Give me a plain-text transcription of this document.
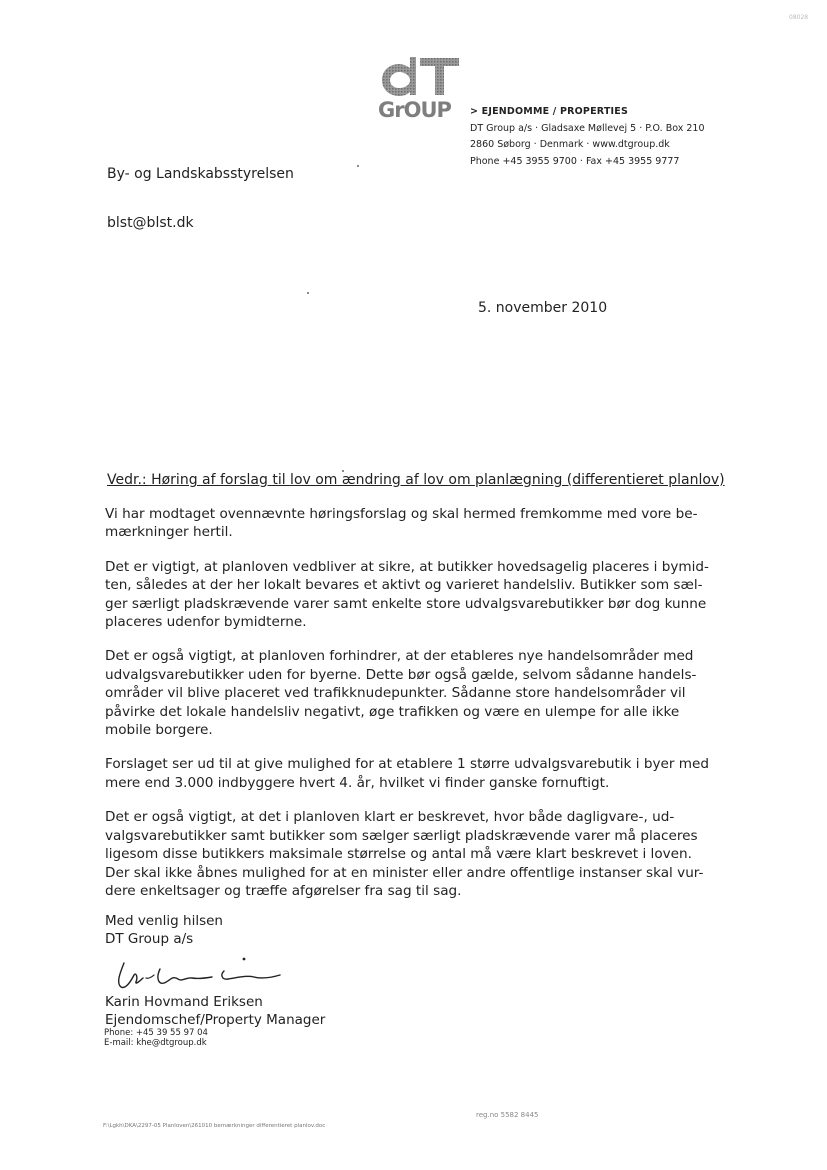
GrOUP > EJENDOMME / PROPERTIES
DT Group a/s · Gladsaxe Møllevej 5 · P.O. Box 210
2860 Søborg · Denmark · www.dtgroup.dk
Phone +45 3955 9700 · Fax +45 3955 9777
By- og Landskabsstyrelsen
blst@blst.dk
5. november 2010
Vedr.: Høring af forslag til lov om ændring af lov om planlægning (differentieret planlov)

Vi har modtaget ovennævnte høringsforslag og skal hermed fremkomme med vore be-
mærkninger hertil.

Det er vigtigt, at planloven vedbliver at sikre, at butikker hovedsagelig placeres i bymid-
ten, således at der her lokalt bevares et aktivt og varieret handelsliv. Butikker som sæl-
ger særligt pladskrævende varer samt enkelte store udvalgsvarebutikker bør dog kunne
placeres udenfor bymidterne.

Det er også vigtigt, at planloven forhindrer, at der etableres nye handelsområder med
udvalgsvarebutikker uden for byerne. Dette bør også gælde, selvom sådanne handels-
områder vil blive placeret ved trafikknudepunkter. Sådanne store handelsområder vil
påvirke det lokale handelsliv negativt, øge trafikken og være en ulempe for alle ikke
mobile borgere.

Forslaget ser ud til at give mulighed for at etablere 1 større udvalgsvarebutik i byer med
mere end 3.000 indbyggere hvert 4. år, hvilket vi finder ganske fornuftigt.

Det er også vigtigt, at det i planloven klart er beskrevet, hvor både dagligvare-, ud-
valgsvarebutikker samt butikker som sælger særligt pladskrævende varer må placeres
ligesom disse butikkers maksimale størrelse og antal må være klart beskrevet i loven.
Der skal ikke åbnes mulighed for at en minister eller andre offentlige instanser skal vur-
dere enkeltsager og træffe afgørelser fra sag til sag.

Med venlig hilsen
DT Group a/s
Karin Hovmand Eriksen
Ejendomschef/Property Manager
Phone: +45 39 55 97 04
E-mail: khe@dtgroup.dk
reg.no 5582 8445
F:\Lgkh\DKA\2297-05 Planloven\261010 bemærkninger differentieret planlov.doc
08028
